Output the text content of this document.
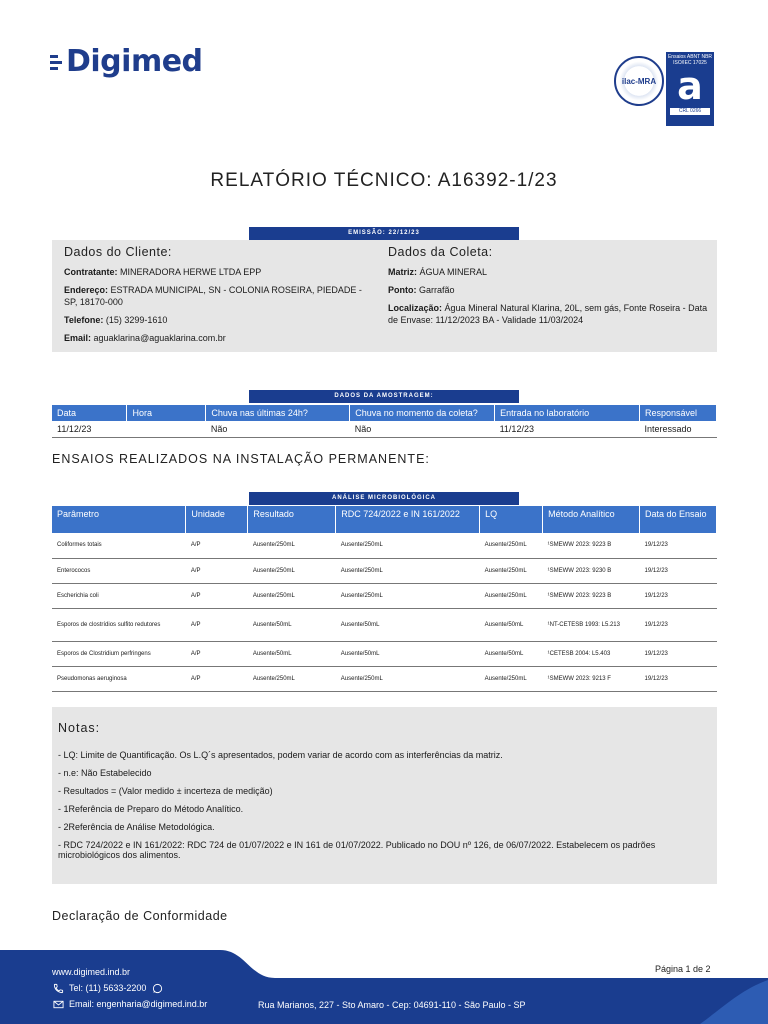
Digimed
ilac-MRA
Ensaios ABNT NBR ISO/IEC 17025
a
CRL 0266
RELATÓRIO TÉCNICO: A16392-1/23
EMISSÃO: 22/12/23
Dados do Cliente:
Contratante: MINERADORA HERWE LTDA EPP
Endereço: ESTRADA MUNICIPAL, SN - COLONIA ROSEIRA, PIEDADE - SP, 18170-000
Telefone: (15) 3299-1610
Email: aguaklarina@aguaklarina.com.br
Dados da Coleta:
Matriz: ÁGUA MINERAL
Ponto: Garrafão
Localização: Água Mineral Natural Klarina, 20L, sem gás, Fonte Roseira - Data de Envase: 11/12/2023 BA - Validade 11/03/2024
DADOS DA AMOSTRAGEM:
Data	Hora	Chuva nas últimas 24h?	Chuva no momento da coleta?	Entrada no laboratório	Responsável
11/12/23		Não	Não	11/12/23	Interessado
ENSAIOS REALIZADOS NA INSTALAÇÃO PERMANENTE:
ANÁLISE MICROBIOLÓGICA
Parâmetro	Unidade	Resultado	RDC 724/2022 e IN 161/2022	LQ	Método Analítico	Data do Ensaio
Coliformes totais	A/P	Ausente/250mL	Ausente/250mL	Ausente/250mL	¹SMEWW 2023: 9223 B	19/12/23
Enterococos	A/P	Ausente/250mL	Ausente/250mL	Ausente/250mL	¹SMEWW 2023: 9230 B	19/12/23
Escherichia coli	A/P	Ausente/250mL	Ausente/250mL	Ausente/250mL	¹SMEWW 2023: 9223 B	19/12/23
Esporos de clostrídios sulfito redutores	A/P	Ausente/50mL	Ausente/50mL	Ausente/50mL	¹NT-CETESB 1993: L5.213	19/12/23
Esporos de Clostridium perfringens	A/P	Ausente/50mL	Ausente/50mL	Ausente/50mL	¹CETESB 2004: L5.403	19/12/23
Pseudomonas aeruginosa	A/P	Ausente/250mL	Ausente/250mL	Ausente/250mL	¹SMEWW 2023: 9213 F	19/12/23
Notas:

- LQ: Limite de Quantificação. Os L.Q´s apresentados, podem variar de acordo com as interferências da matriz.

- n.e: Não Estabelecido

- Resultados = (Valor medido ± incerteza de medição)

- 1Referência de Preparo do Método Analítico.

- 2Referência de Análise Metodológica.

- RDC 724/2022 e IN 161/2022: RDC 724 de 01/07/2022 e IN 161 de 01/07/2022. Publicado no DOU nº 126, de 06/07/2022. Estabelecem os padrões microbiológicos dos alimentos.

Declaração de Conformidade
www.digimed.ind.br
Tel: (11) 5633-2200
Email: engenharia@digimed.ind.br	Rua Marianos, 227 - Sto Amaro - Cep: 04691-110 - São Paulo - SP
Página 1 de 2
